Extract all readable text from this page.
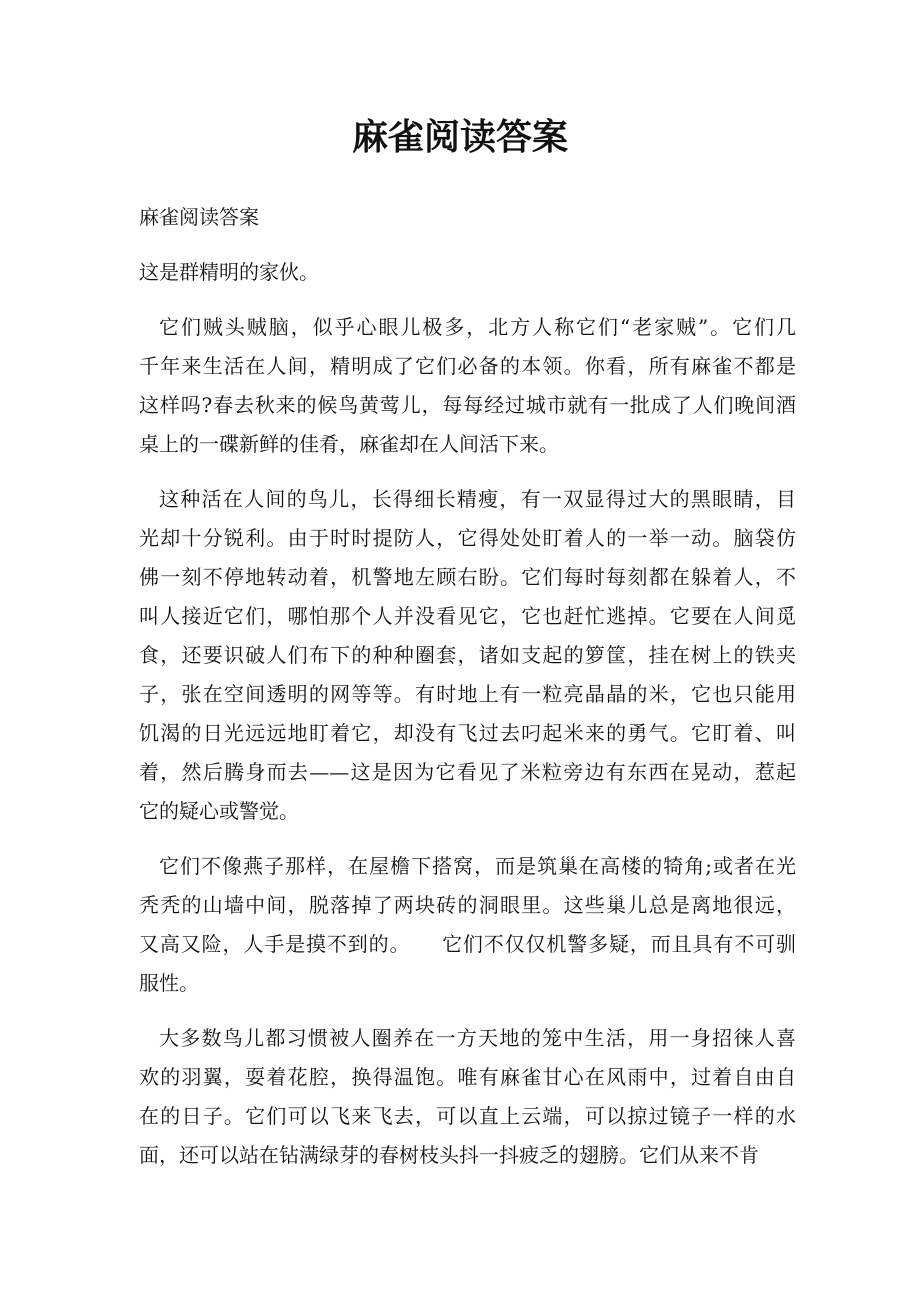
麻雀阅读答案
麻雀阅读答案
这是群精明的家伙。
它们贼头贼脑，似乎心眼儿极多，北方人称它们“老家贼”。它们几
千年来生活在人间，精明成了它们必备的本领。你看，所有麻雀不都是
这样吗?春去秋来的候鸟黄莺儿，每每经过城市就有一批成了人们晚间酒
桌上的一碟新鲜的佳肴，麻雀却在人间活下来。
这种活在人间的鸟儿，长得细长精瘦，有一双显得过大的黑眼睛，目
光却十分锐利。由于时时提防人，它得处处盯着人的一举一动。脑袋仿
佛一刻不停地转动着，机警地左顾右盼。它们每时每刻都在躲着人，不
叫人接近它们，哪怕那个人并没看见它，它也赶忙逃掉。它要在人间觅
食，还要识破人们布下的种种圈套，诸如支起的箩筐，挂在树上的铁夹
子，张在空间透明的网等等。有时地上有一粒亮晶晶的米，它也只能用
饥渴的日光远远地盯着它，却没有飞过去叼起米来的勇气。它盯着、叫
着，然后腾身而去——这是因为它看见了米粒旁边有东西在晃动，惹起
它的疑心或警觉。
它们不像燕子那样，在屋檐下搭窝，而是筑巢在高楼的犄角;或者在光
秃秃的山墙中间，脱落掉了两块砖的洞眼里。这些巢儿总是离地很远，
又高又险，人手是摸不到的。　　它们不仅仅机警多疑，而且具有不可驯
服性。
大多数鸟儿都习惯被人圈养在一方天地的笼中生活，用一身招徕人喜
欢的羽翼，耍着花腔，换得温饱。唯有麻雀甘心在风雨中，过着自由自
在的日子。它们可以飞来飞去，可以直上云端，可以掠过镜子一样的水
面，还可以站在钻满绿芽的春树枝头抖一抖疲乏的翅膀。它们从来不肯
